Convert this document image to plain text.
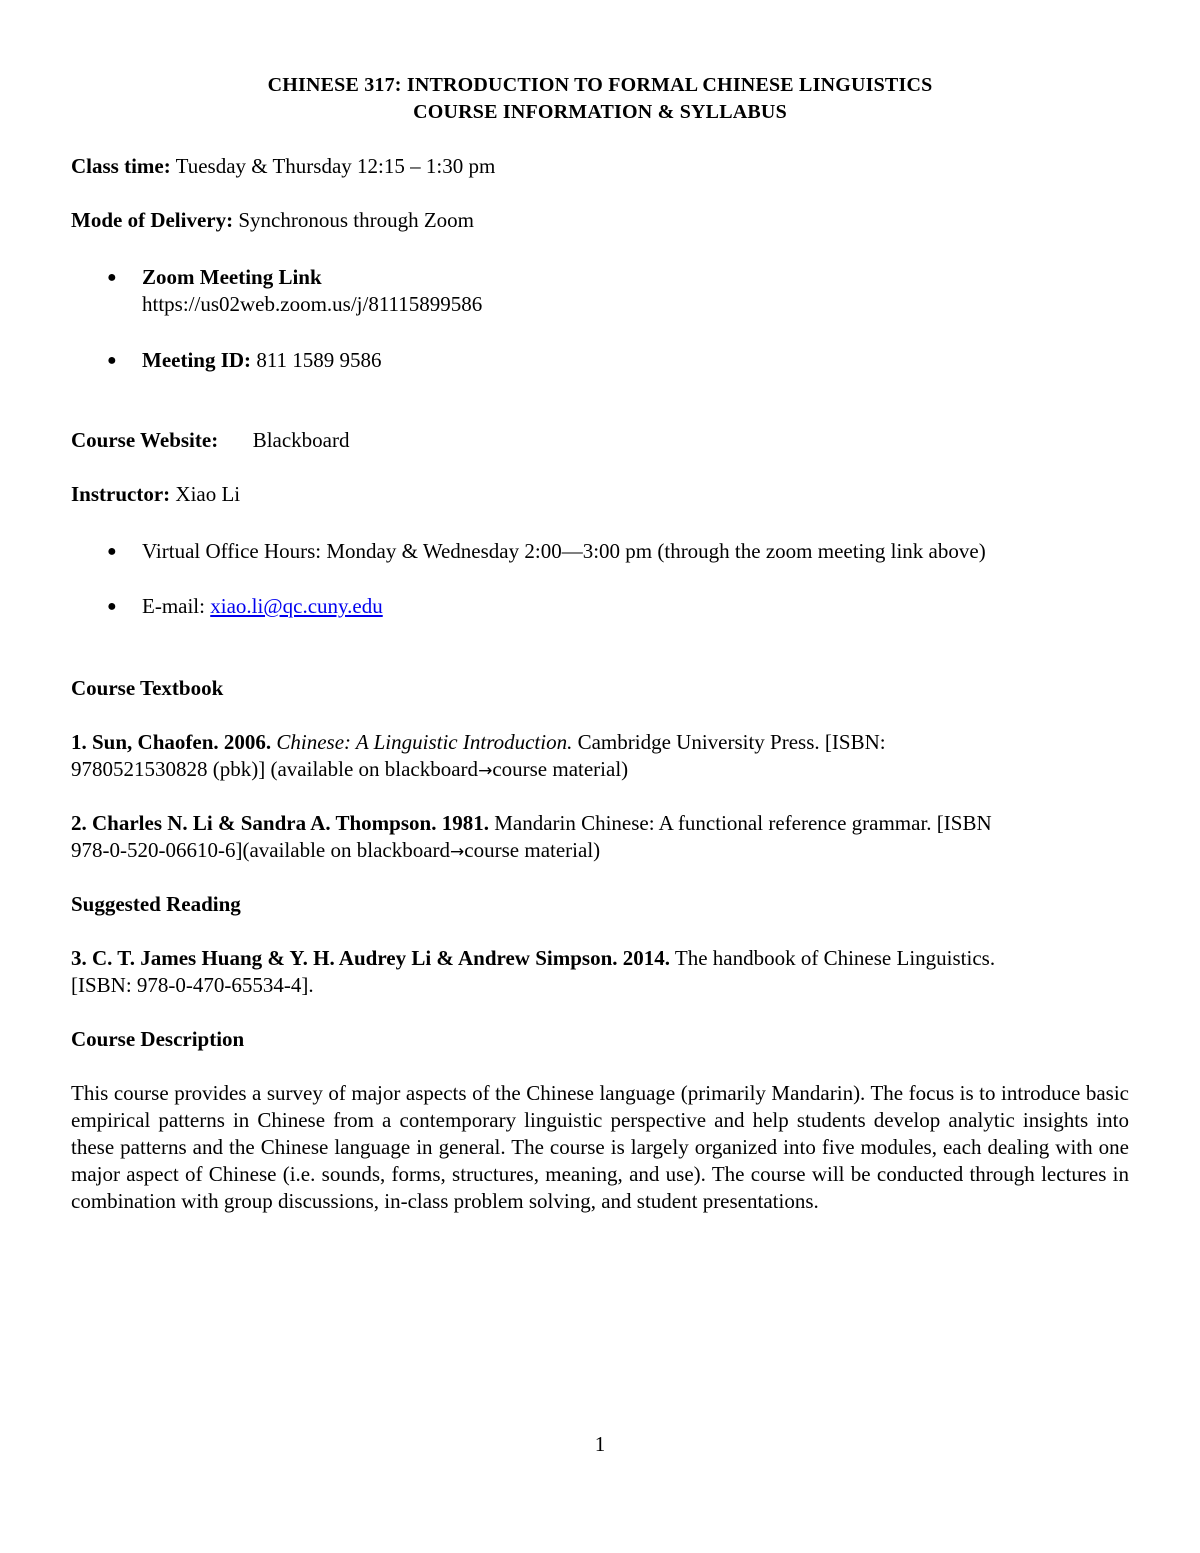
CHINESE 317: INTRODUCTION TO FORMAL CHINESE LINGUISTICS
COURSE INFORMATION & SYLLABUS
Class time: Tuesday & Thursday 12:15 – 1:30 pm
Mode of Delivery: Synchronous through Zoom
● Zoom Meeting Link
https://us02web.zoom.us/j/81115899586
● Meeting ID: 811 1589 9586
Course Website: Blackboard
Instructor: Xiao Li
● Virtual Office Hours: Monday & Wednesday 2:00—3:00 pm (through the zoom meeting link above)
● E-mail: xiao.li@qc.cuny.edu
Course Textbook
1. Sun, Chaofen. 2006. Chinese: A Linguistic Introduction. Cambridge University Press. [ISBN:
9780521530828 (pbk)] (available on blackboard→course material)
2. Charles N. Li & Sandra A. Thompson. 1981. Mandarin Chinese: A functional reference grammar. [ISBN
978-0-520-06610-6](available on blackboard→course material)
Suggested Reading
3. C. T. James Huang & Y. H. Audrey Li & Andrew Simpson. 2014. The handbook of Chinese Linguistics.
[ISBN: 978-0-470-65534-4].
Course Description
This course provides a survey of major aspects of the Chinese language (primarily Mandarin). The focus is to introduce basic empirical patterns in Chinese from a contemporary linguistic perspective and help students develop analytic insights into these patterns and the Chinese language in general. The course is largely organized into five modules, each dealing with one major aspect of Chinese (i.e. sounds, forms, structures, meaning, and use). The course will be conducted through lectures in combination with group discussions, in-class problem solving, and student presentations.
1
